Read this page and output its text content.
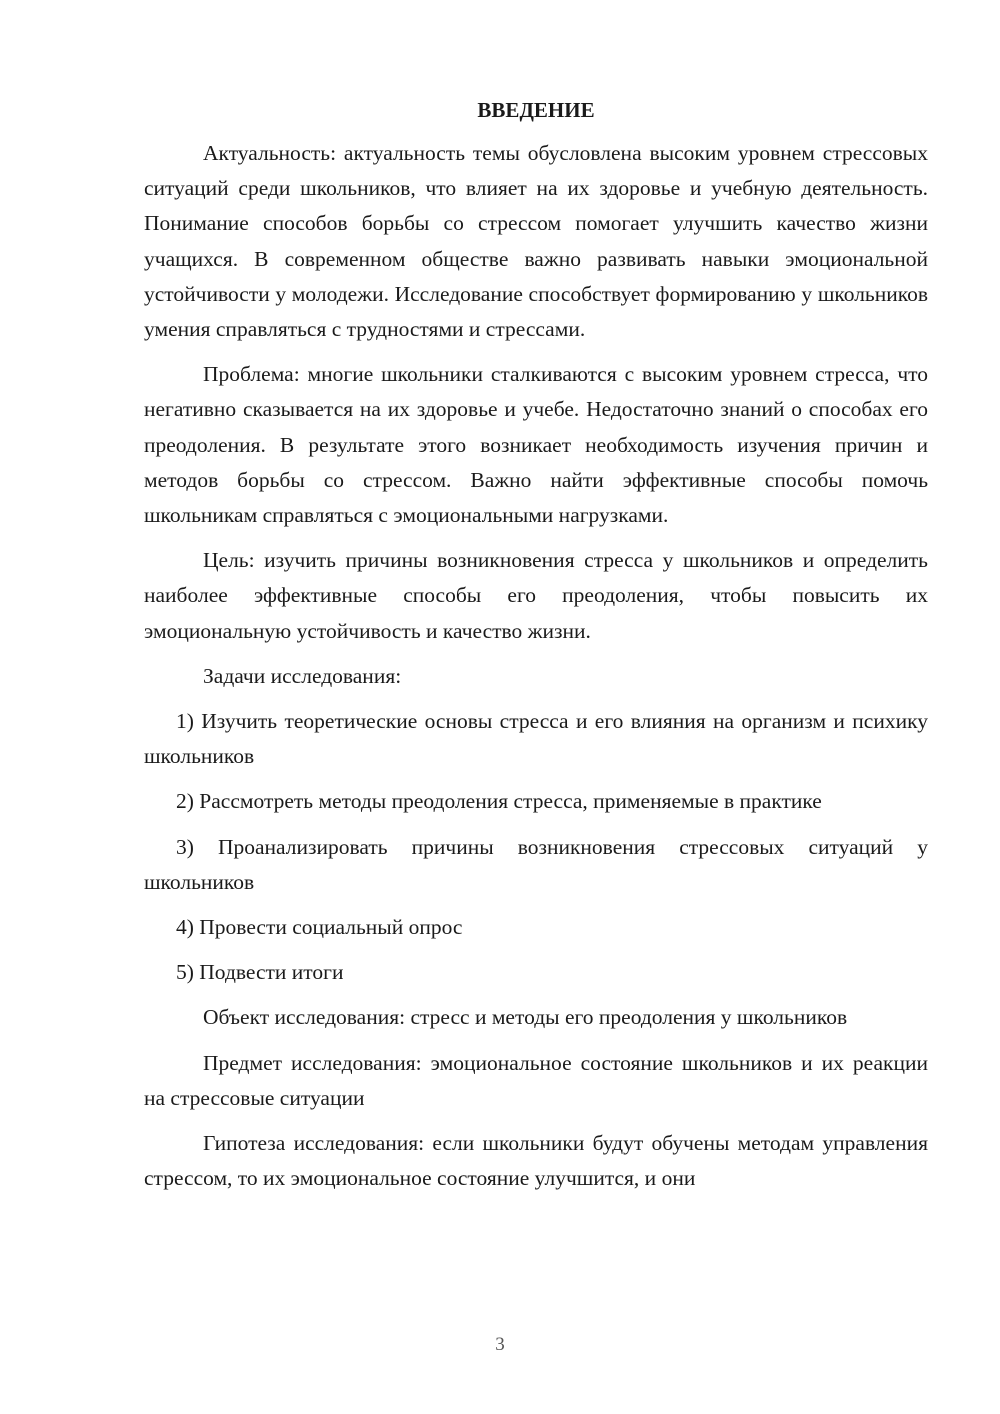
ВВЕДЕНИЕ

Актуальность: актуальность темы обусловлена высоким уровнем стрессовых ситуаций среди школьников, что влияет на их здоровье и учебную деятельность. Понимание способов борьбы со стрессом помогает улучшить качество жизни учащихся. В современном обществе важно развивать навыки эмоциональной устойчивости у молодежи. Исследование способствует формированию у школьников умения справляться с трудностями и стрессами.

Проблема: многие школьники сталкиваются с высоким уровнем стресса, что негативно сказывается на их здоровье и учебе. Недостаточно знаний о способах его преодоления. В результате этого возникает необходимость изучения причин и методов борьбы со стрессом. Важно найти эффективные способы помочь школьникам справляться с эмоциональными нагрузками.

Цель: изучить причины возникновения стресса у школьников и определить наиболее эффективные способы его преодоления, чтобы повысить их эмоциональную устойчивость и качество жизни.

Задачи исследования:

1) Изучить теоретические основы стресса и его влияния на организм и психику школьников

2) Рассмотреть методы преодоления стресса, применяемые в практике

3) Проанализировать причины возникновения стрессовых ситуаций у школьников

4) Провести социальный опрос

5) Подвести итоги

Объект исследования: стресс и методы его преодоления у школьников

Предмет исследования: эмоциональное состояние школьников и их реакции на стрессовые ситуации

Гипотеза исследования: если школьники будут обучены методам управления стрессом, то их эмоциональное состояние улучшится, и они

3
